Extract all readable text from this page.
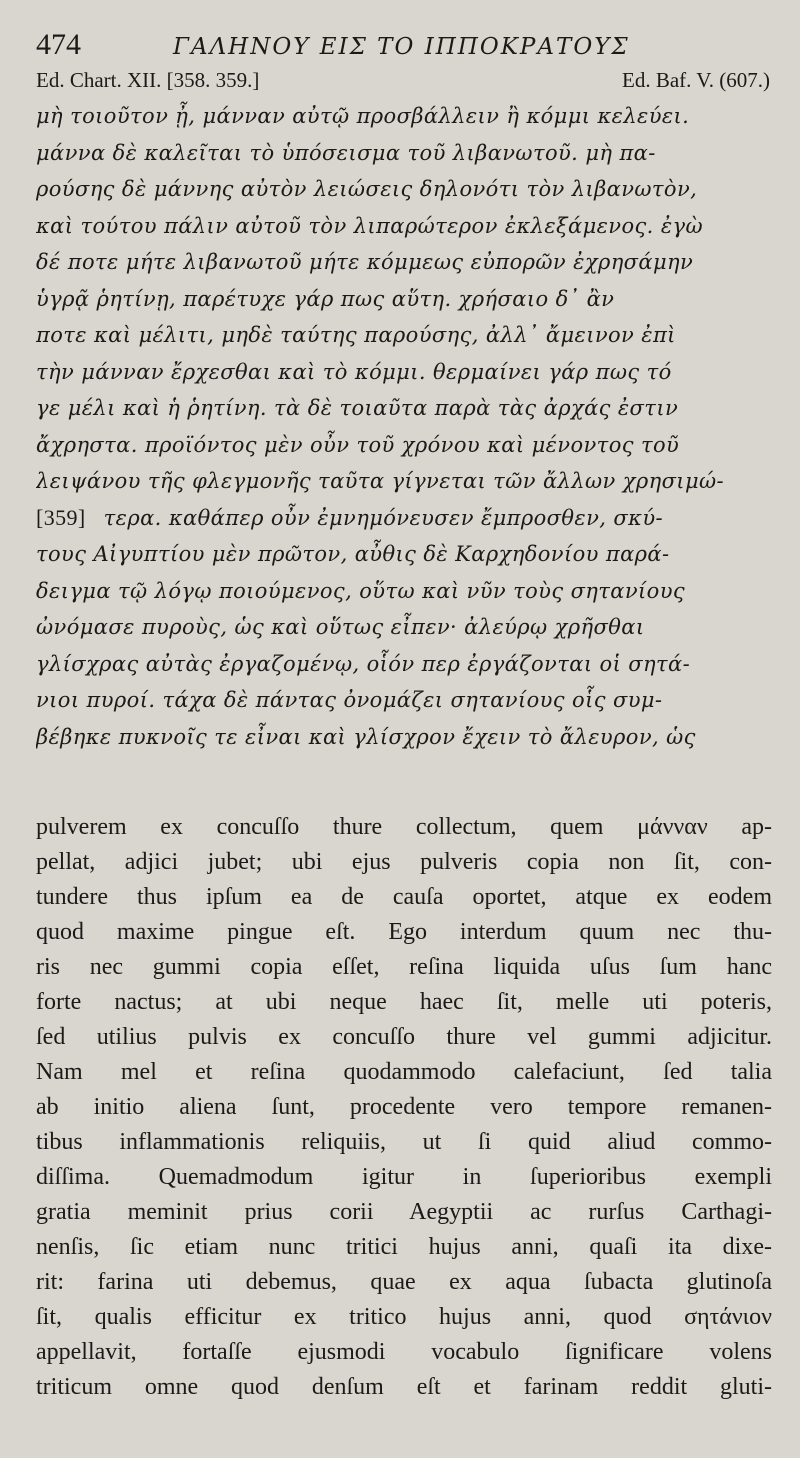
474	ΓΑΛΗΝΟΥ ΕΙΣ ΤΟ ΙΠΠΟΚΡΑΤΟΥΣ
Ed. Chart. XII. [358. 359.]	Ed. Baf. V. (607.)
μὴ τοιοῦτον ᾖ, μάνναν αὐτῷ προσβάλλειν ἢ κόμμι κελεύει.
μάννα δὲ καλεῖται τὸ ὑπόσεισμα τοῦ λιβανωτοῦ. μὴ πα-
ρούσης δὲ μάννης αὐτὸν λειώσεις δηλονότι τὸν λιβανωτὸν,
καὶ τούτου πάλιν αὐτοῦ τὸν λιπαρώτερον ἐκλεξάμενος. ἐγὼ
δέ ποτε μήτε λιβανωτοῦ μήτε κόμμεως εὐπορῶν ἐχρησάμην
ὑγρᾷ ῥητίνῃ, παρέτυχε γάρ πως αὕτη. χρήσαιο δ᾽ ἂν
ποτε καὶ μέλιτι, μηδὲ ταύτης παρούσης, ἀλλ᾽ ἄμεινον ἐπὶ
τὴν μάνναν ἔρχεσθαι καὶ τὸ κόμμι. θερμαίνει γάρ πως τό
γε μέλι καὶ ἡ ῥητίνη. τὰ δὲ τοιαῦτα παρὰ τὰς ἀρχάς ἐστιν
ἄχρηστα. προϊόντος μὲν οὖν τοῦ χρόνου καὶ μένοντος τοῦ
λειψάνου τῆς φλεγμονῆς ταῦτα γίγνεται τῶν ἄλλων χρησιμώ-
[359] τερα. καθάπερ οὖν ἐμνημόνευσεν ἔμπροσθεν, σκύ-
τους Αἰγυπτίου μὲν πρῶτον, αὖθις δὲ Καρχηδονίου παρά-
δειγμα τῷ λόγῳ ποιούμενος, οὕτω καὶ νῦν τοὺς σητανίους
ὠνόμασε πυροὺς, ὡς καὶ οὕτως εἶπεν· ἀλεύρῳ χρῆσθαι
γλίσχρας αὐτὰς ἐργαζομένῳ, οἷόν περ ἐργάζονται οἱ σητά-
νιοι πυροί. τάχα δὲ πάντας ὀνομάζει σητανίους οἷς συμ-
βέβηκε πυκνοῖς τε εἶναι καὶ γλίσχρον ἔχειν τὸ ἄλευρον, ὡς
pulverem ex concuſſo thure collectum, quem μάνναν ap-
pellat, adjici jubet; ubi ejus pulveris copia non ſit, con-
tundere thus ipſum ea de cauſa oportet, atque ex eodem
quod maxime pingue eſt. Ego interdum quum nec thu-
ris nec gummi copia eſſet, reſina liquida uſus ſum hanc
forte nactus; at ubi neque haec ſit, melle uti poteris,
ſed utilius pulvis ex concuſſo thure vel gummi adjicitur.
Nam mel et reſina quodammodo calefaciunt, ſed talia
ab initio aliena ſunt, procedente vero tempore remanen-
tibus inflammationis reliquiis, ut ſi quid aliud commo-
diſſima. Quemadmodum igitur in ſuperioribus exempli
gratia meminit prius corii Aegyptii ac rurſus Carthagi-
nenſis, ſic etiam nunc tritici hujus anni, quaſi ita dixe-
rit: farina uti debemus, quae ex aqua ſubacta glutinoſa
ſit, qualis efficitur ex tritico hujus anni, quod σητάνιον
appellavit, fortaſſe ejusmodi vocabulo ſignificare volens
triticum omne quod denſum eſt et farinam reddit gluti-
